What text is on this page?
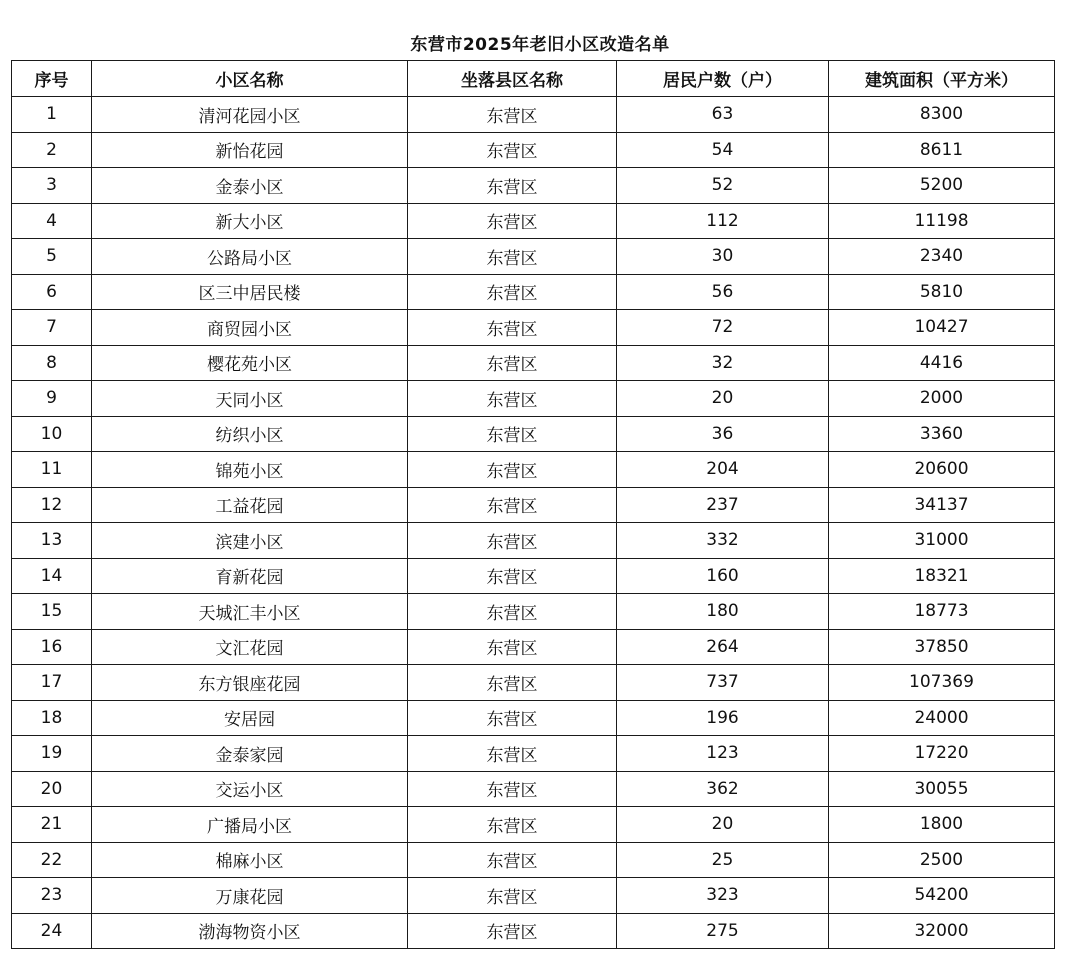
东营市2025年老旧小区改造名单
序号	小区名称	坐落县区名称	居民户数（户）	建筑面积（平方米）
1	清河花园小区	东营区	63	8300
2	新怡花园	东营区	54	8611
3	金泰小区	东营区	52	5200
4	新大小区	东营区	112	11198
5	公路局小区	东营区	30	2340
6	区三中居民楼	东营区	56	5810
7	商贸园小区	东营区	72	10427
8	樱花苑小区	东营区	32	4416
9	天同小区	东营区	20	2000
10	纺织小区	东营区	36	3360
11	锦苑小区	东营区	204	20600
12	工益花园	东营区	237	34137
13	滨建小区	东营区	332	31000
14	育新花园	东营区	160	18321
15	天城汇丰小区	东营区	180	18773
16	文汇花园	东营区	264	37850
17	东方银座花园	东营区	737	107369
18	安居园	东营区	196	24000
19	金泰家园	东营区	123	17220
20	交运小区	东营区	362	30055
21	广播局小区	东营区	20	1800
22	棉麻小区	东营区	25	2500
23	万康花园	东营区	323	54200
24	渤海物资小区	东营区	275	32000
